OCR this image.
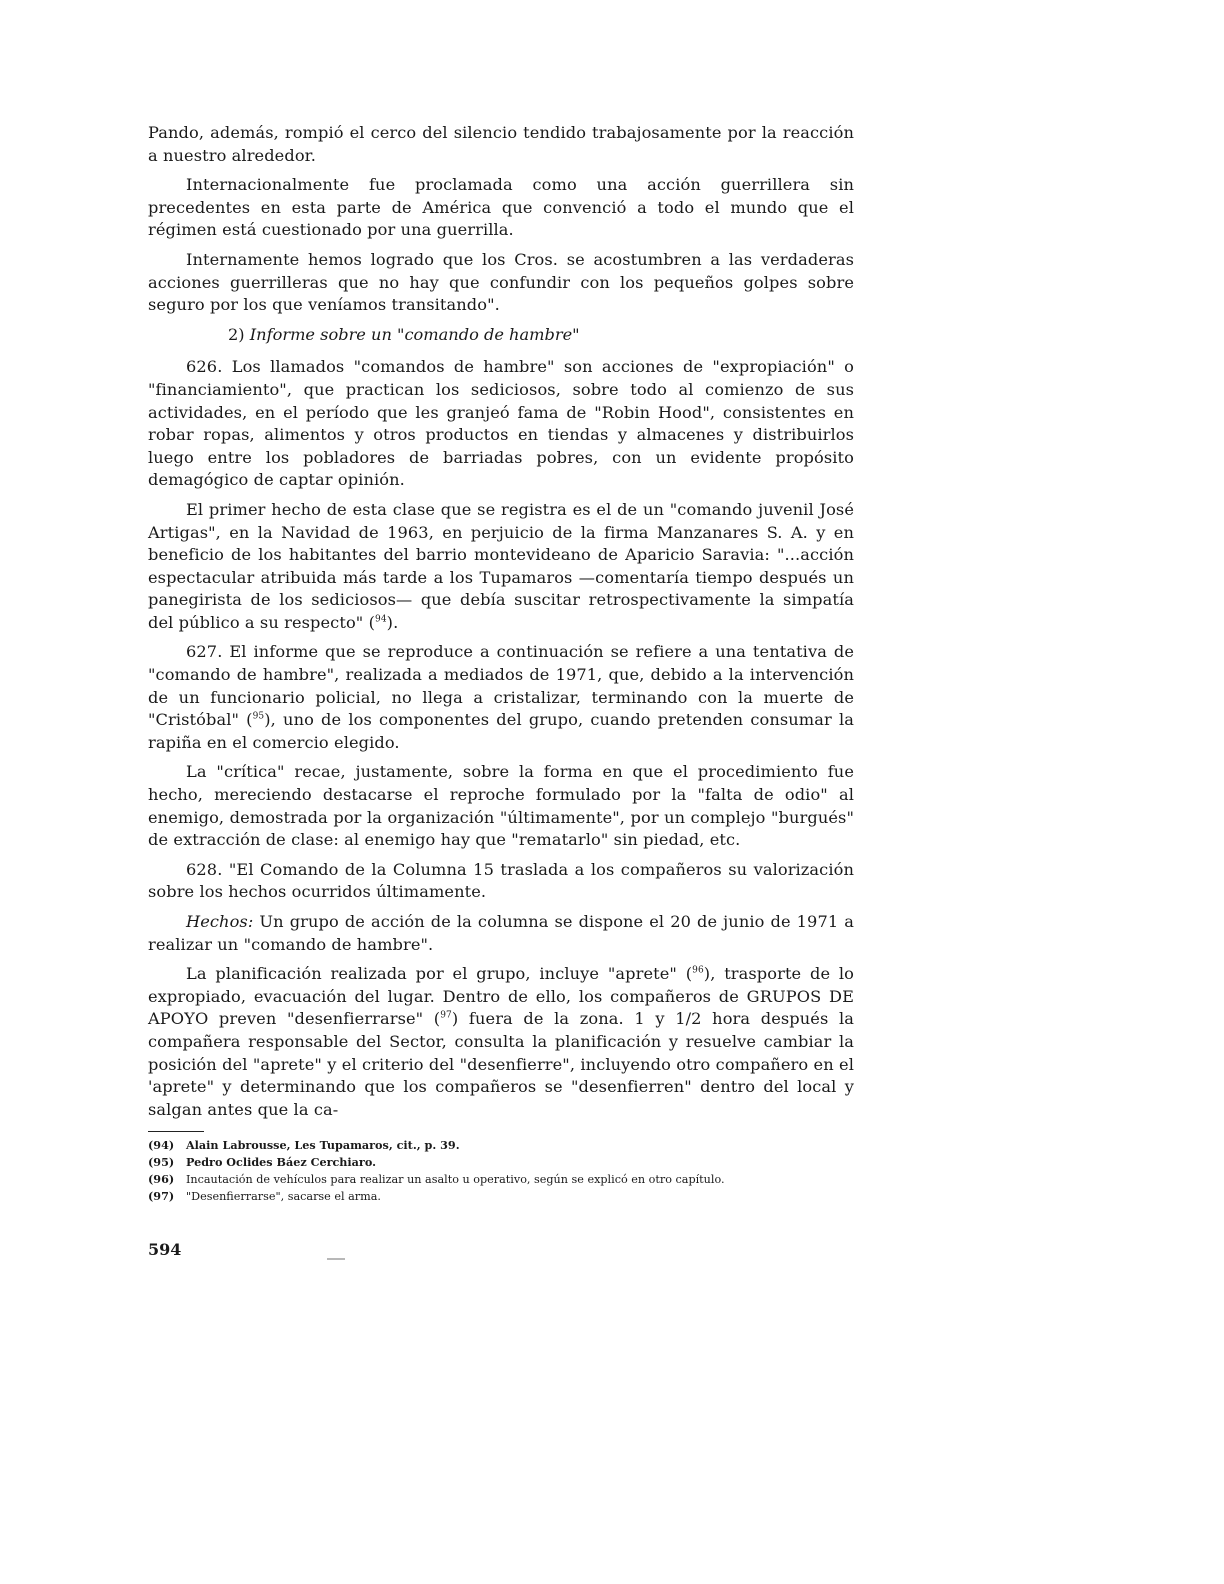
Pando, además, rompió el cerco del silencio tendido trabajosamente por la reacción a nuestro alrededor.

Internacionalmente fue proclamada como una acción guerrillera sin precedentes en esta parte de América que convenció a todo el mundo que el régimen está cuestionado por una guerrilla.

Internamente hemos logrado que los Cros. se acostumbren a las verdaderas acciones guerrilleras que no hay que confundir con los pequeños golpes sobre seguro por los que veníamos transitando".

2) Informe sobre un "comando de hambre"

626. Los llamados "comandos de hambre" son acciones de "expropiación" o "financiamiento", que practican los sediciosos, sobre todo al comienzo de sus actividades, en el período que les granjeó fama de "Robin Hood", consistentes en robar ropas, alimentos y otros productos en tiendas y almacenes y distribuirlos luego entre los pobladores de barriadas pobres, con un evidente propósito demagógico de captar opinión.

El primer hecho de esta clase que se registra es el de un "comando juvenil José Artigas", en la Navidad de 1963, en perjuicio de la firma Manzanares S. A. y en beneficio de los habitantes del barrio montevideano de Aparicio Saravia: "...acción espectacular atribuida más tarde a los Tupamaros —comentaría tiempo después un panegirista de los sediciosos— que debía suscitar retrospectivamente la simpatía del público a su respecto" ($^{94}$).

627. El informe que se reproduce a continuación se refiere a una tentativa de "comando de hambre", realizada a mediados de 1971, que, debido a la intervención de un funcionario policial, no llega a cristalizar, terminando con la muerte de "Cristóbal" ($^{95}$), uno de los componentes del grupo, cuando pretenden consumar la rapiña en el comercio elegido.

La "crítica" recae, justamente, sobre la forma en que el procedimiento fue hecho, mereciendo destacarse el reproche formulado por la "falta de odio" al enemigo, demostrada por la organización "últimamente", por un complejo "burgués" de extracción de clase: al enemigo hay que "rematarlo" sin piedad, etc.

628. "El Comando de la Columna 15 traslada a los compañeros su valorización sobre los hechos ocurridos últimamente.

Hechos: Un grupo de acción de la columna se dispone el 20 de junio de 1971 a realizar un "comando de hambre".

La planificación realizada por el grupo, incluye "aprete" ($^{96}$), trasporte de lo expropiado, evacuación del lugar. Dentro de ello, los compañeros de GRUPOS DE APOYO preven "desenfierrarse" ($^{97}$) fuera de la zona. 1 y 1/2 hora después la compañera responsable del Sector, consulta la planificación y resuelve cambiar la posición del "aprete" y el criterio del "desenfierre", incluyendo otro compañero en el 'aprete" y determinando que los compañeros se "desenfierren" dentro del local y salgan antes que la ca-

(94) Alain Labrousse, Les Tupamaros, cit., p. 39.
(95) Pedro Oclides Báez Cerchiaro.
(96) Incautación de vehículos para realizar un asalto u operativo, según se explicó en otro capítulo.
(97) "Desenfierrarse", sacarse el arma.
594
